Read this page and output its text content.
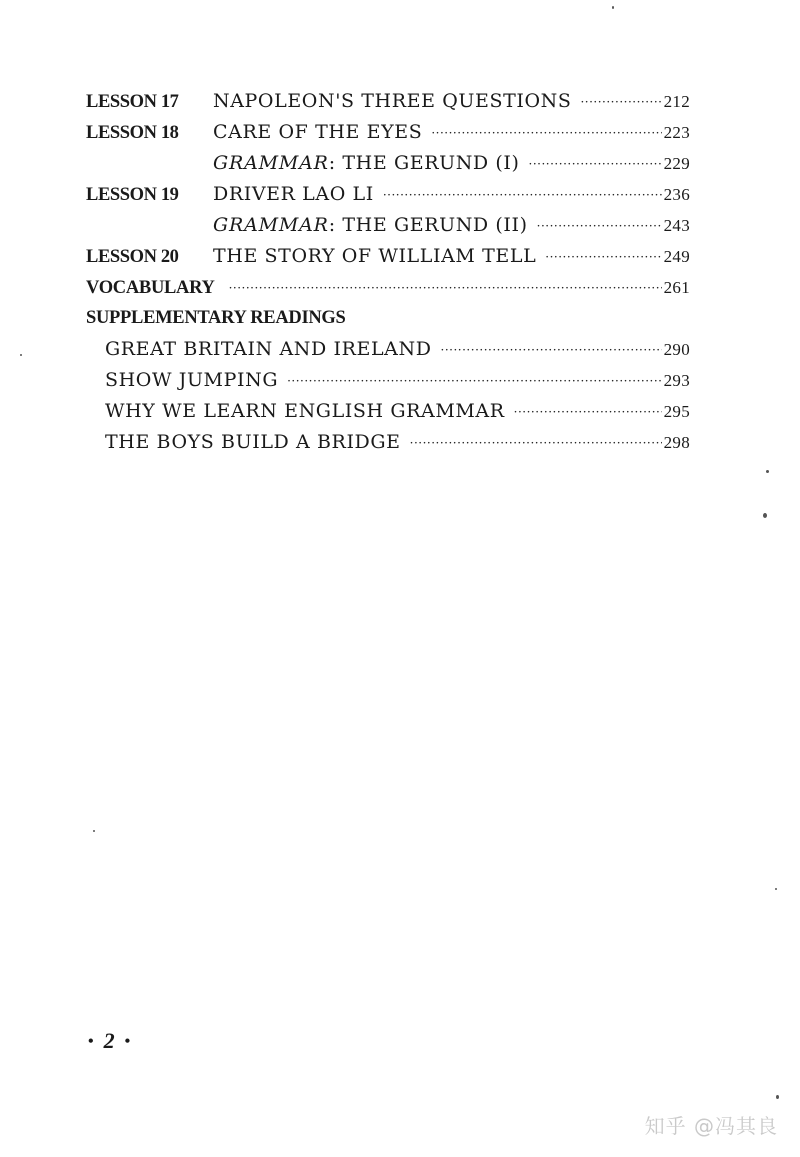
LESSON 17	NAPOLEON'S THREE QUESTIONS ·····	212
LESSON 18	CARE OF THE EYES ·····	223
GRAMMAR: THE GERUND (I) ·····	229
LESSON 19	DRIVER LAO LI ·····	236
GRAMMAR: THE GERUND (II) ·····	243
LESSON 20	THE STORY OF WILLIAM TELL ·····	249
VOCABULARY ·····	261
SUPPLEMENTARY READINGS
GREAT BRITAIN AND IRELAND ·····	290
SHOW JUMPING ·····	293
WHY WE LEARN ENGLISH GRAMMAR ·····	295
THE BOYS BUILD A BRIDGE ·····	298
•2•
知乎 @冯其良
